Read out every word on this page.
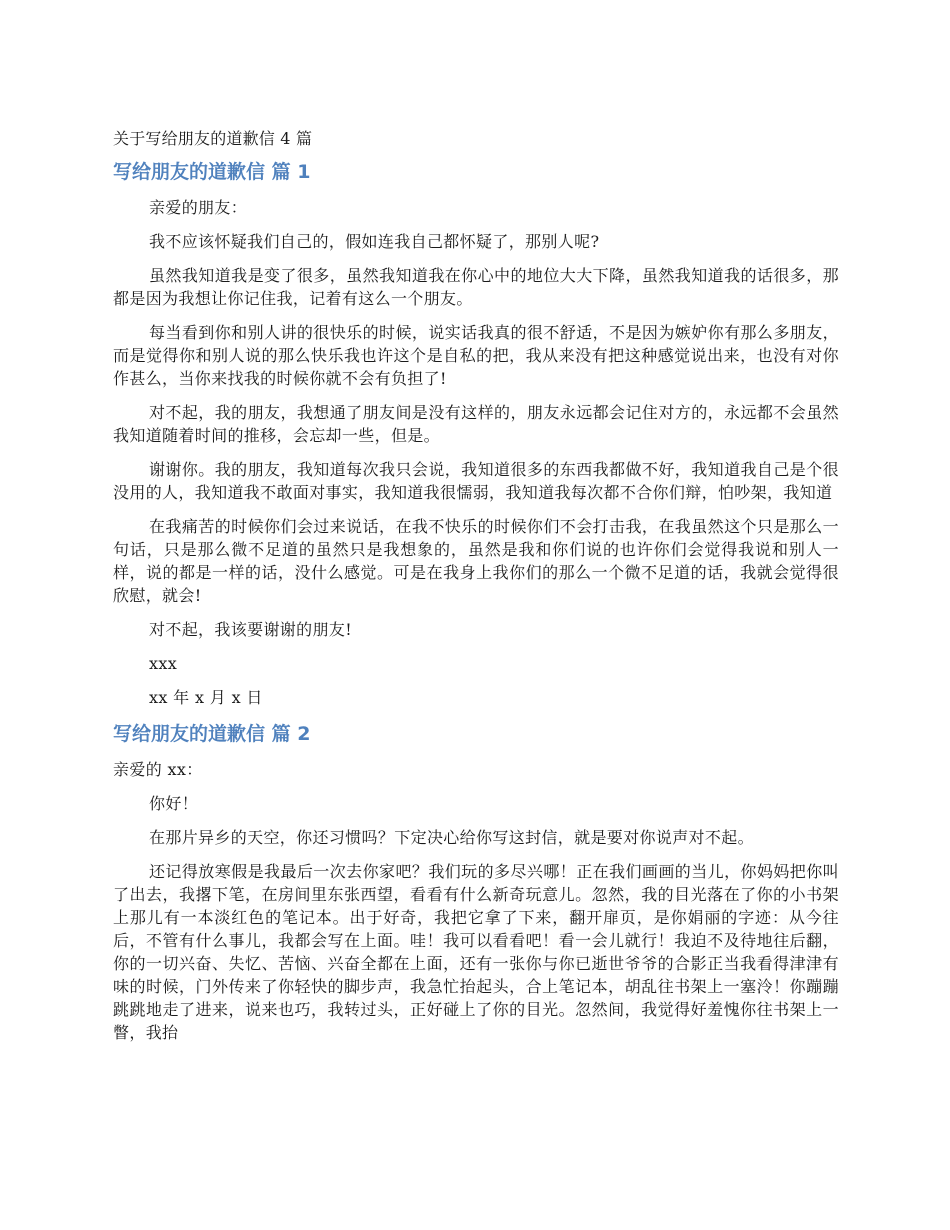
关于写给朋友的道歉信 4 篇
写给朋友的道歉信 篇 1

亲爱的朋友：

我不应该怀疑我们自己的，假如连我自己都怀疑了，那别人呢?

虽然我知道我是变了很多，虽然我知道我在你心中的地位大大下降，虽然我知道我的话很多，那都是因为我想让你记住我，记着有这么一个朋友。

每当看到你和别人讲的很快乐的时候，说实话我真的很不舒适，不是因为嫉妒你有那么多朋友，而是觉得你和别人说的那么快乐我也许这个是自私的把，我从来没有把这种感觉说出来，也没有对你作甚么，当你来找我的时候你就不会有负担了!

对不起，我的朋友，我想通了朋友间是没有这样的，朋友永远都会记住对方的，永远都不会虽然我知道随着时间的推移，会忘却一些，但是。

谢谢你。我的朋友，我知道每次我只会说，我知道很多的东西我都做不好，我知道我自己是个很没用的人，我知道我不敢面对事实，我知道我很懦弱，我知道我每次都不合你们辩，怕吵架，我知道

在我痛苦的时候你们会过来说话，在我不快乐的时候你们不会打击我，在我虽然这个只是那么一句话，只是那么微不足道的虽然只是我想象的，虽然是我和你们说的也许你们会觉得我说和别人一样，说的都是一样的话，没什么感觉。可是在我身上我你们的那么一个微不足道的话，我就会觉得很欣慰，就会!

对不起，我该要谢谢的朋友!

xxx

xx 年 x 月 x 日

写给朋友的道歉信 篇 2

亲爱的 xx：

你好！

在那片异乡的天空，你还习惯吗？下定决心给你写这封信，就是要对你说声对不起。

还记得放寒假是我最后一次去你家吧？我们玩的多尽兴哪！正在我们画画的当儿，你妈妈把你叫了出去，我撂下笔，在房间里东张西望，看看有什么新奇玩意儿。忽然，我的目光落在了你的小书架上那儿有一本淡红色的笔记本。出于好奇，我把它拿了下来，翻开扉页，是你娟丽的字迹：从今往后，不管有什么事儿，我都会写在上面。哇！我可以看看吧！看一会儿就行！我迫不及待地往后翻，你的一切兴奋、失忆、苦恼、兴奋全都在上面，还有一张你与你已逝世爷爷的合影正当我看得津津有味的时候，门外传来了你轻快的脚步声，我急忙抬起头，合上笔记本，胡乱往书架上一塞泠！你蹦蹦跳跳地走了进来，说来也巧，我转过头，正好碰上了你的目光。忽然间，我觉得好羞愧你往书架上一瞥，我抬
